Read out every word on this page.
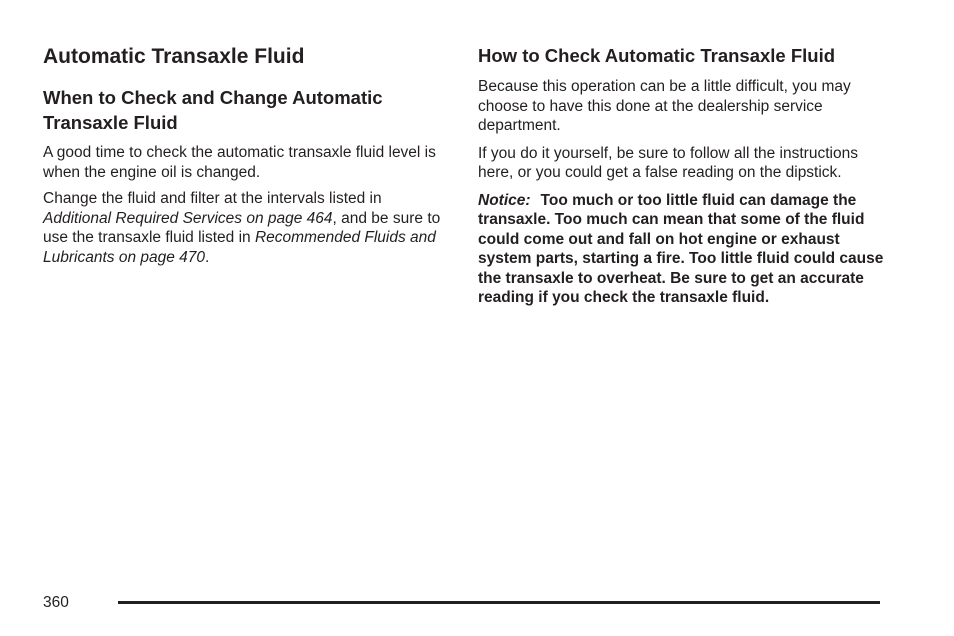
Automatic Transaxle Fluid
When to Check and Change Automatic Transaxle Fluid

A good time to check the automatic transaxle fluid level is when the engine oil is changed.

Change the fluid and filter at the intervals listed in Additional Required Services on page 464, and be sure to use the transaxle fluid listed in Recommended Fluids and Lubricants on page 470.

How to Check Automatic Transaxle Fluid

Because this operation can be a little difficult, you may choose to have this done at the dealership service department.

If you do it yourself, be sure to follow all the instructions here, or you could get a false reading on the dipstick.

Notice: Too much or too little fluid can damage the transaxle. Too much can mean that some of the fluid could come out and fall on hot engine or exhaust system parts, starting a fire. Too little fluid could cause the transaxle to overheat. Be sure to get an accurate reading if you check the transaxle fluid.

360
